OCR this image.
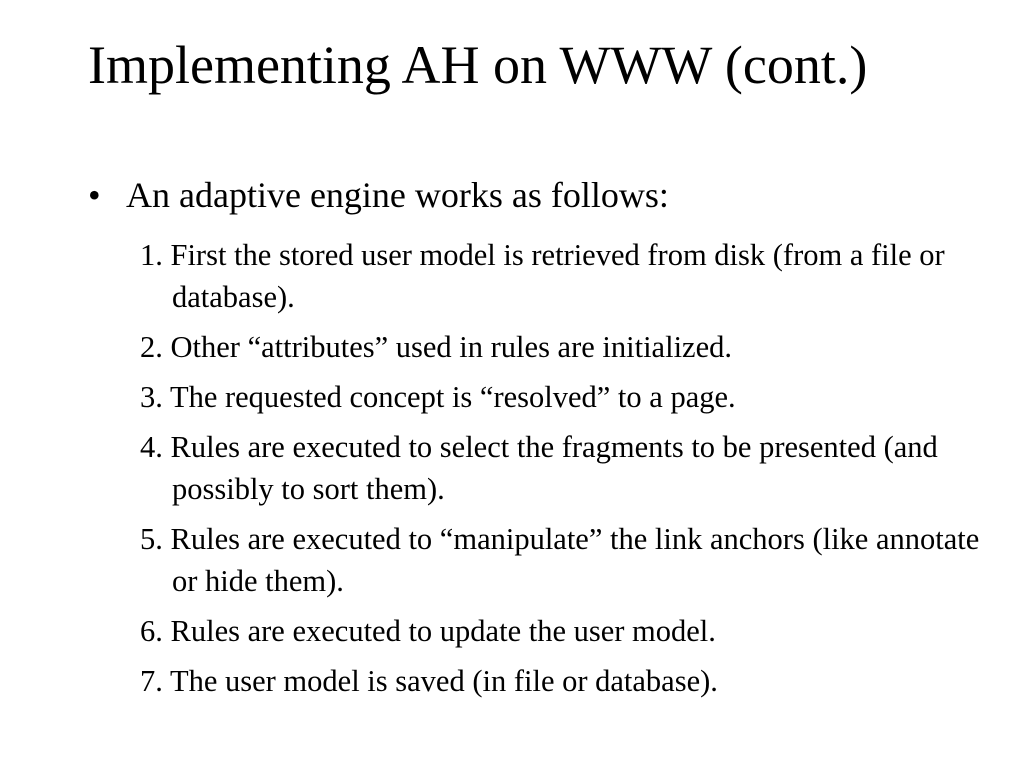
Implementing AH on WWW (cont.)
• An adaptive engine works as follows:
1. First the stored user model is retrieved from disk (from a file or database).
2. Other “attributes” used in rules are initialized.
3. The requested concept is “resolved” to a page.
4. Rules are executed to select the fragments to be presented (and possibly to sort them).
5. Rules are executed to “manipulate” the link anchors (like annotate or hide them).
6. Rules are executed to update the user model.
7. The user model is saved (in file or database).
